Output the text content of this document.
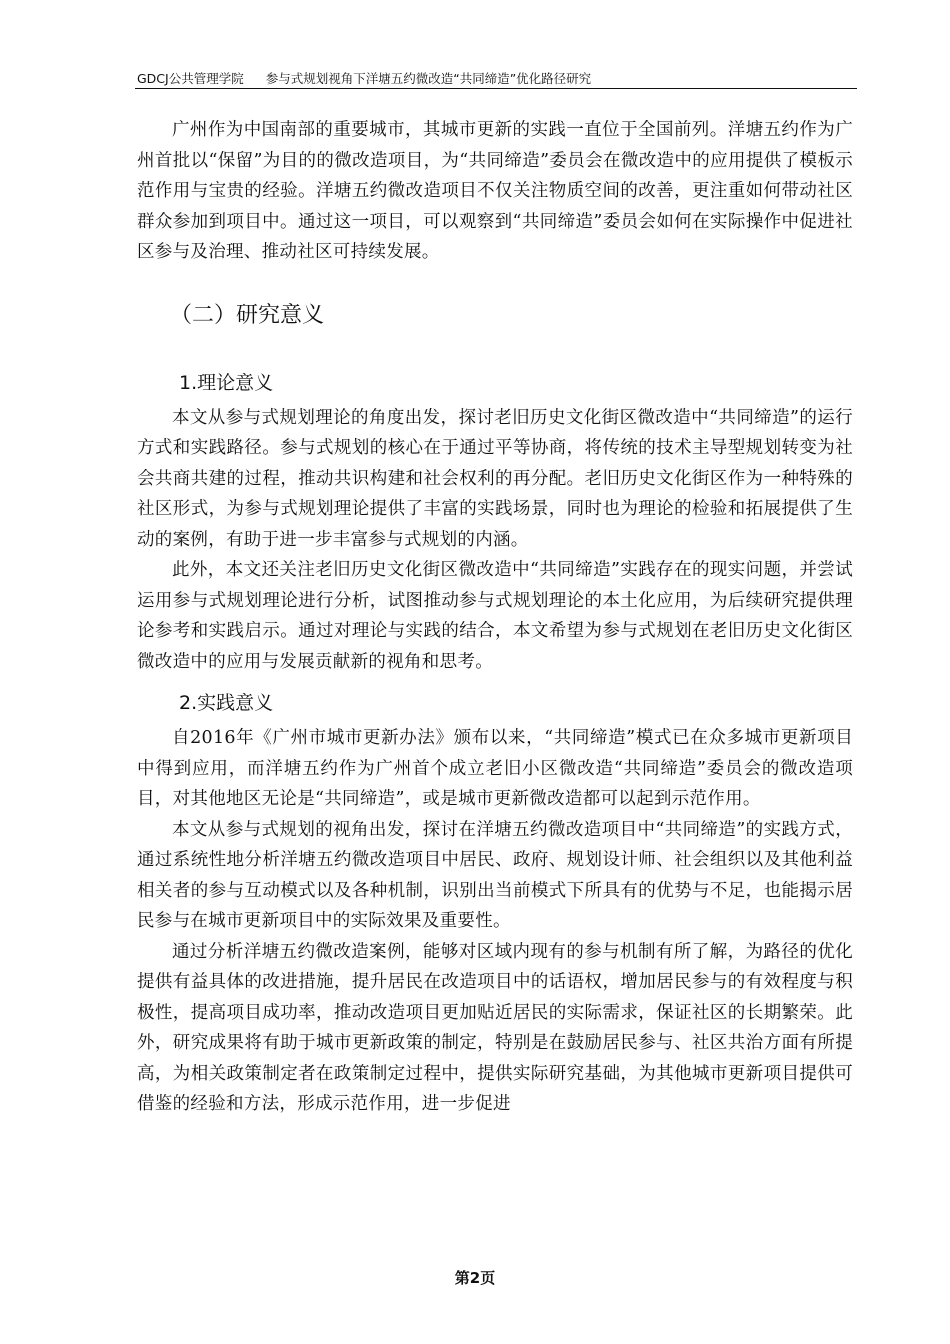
GDCJ公共管理学院 参与式规划视角下洋塘五约微改造“共同缔造”优化路径研究

广州作为中国南部的重要城市，其城市更新的实践一直位于全国前列。洋塘五约作为广州首批以“保留”为目的的微改造项目，为“共同缔造”委员会在微改造中的应用提供了模板示范作用与宝贵的经验。洋塘五约微改造项目不仅关注物质空间的改善，更注重如何带动社区群众参加到项目中。通过这一项目，可以观察到“共同缔造”委员会如何在实际操作中促进社区参与及治理、推动社区可持续发展。

（二）研究意义
1.理论意义

本文从参与式规划理论的角度出发，探讨老旧历史文化街区微改造中“共同缔造”的运行方式和实践路径。参与式规划的核心在于通过平等协商，将传统的技术主导型规划转变为社会共商共建的过程，推动共识构建和社会权利的再分配。老旧历史文化街区作为一种特殊的社区形式，为参与式规划理论提供了丰富的实践场景，同时也为理论的检验和拓展提供了生动的案例，有助于进一步丰富参与式规划的内涵。

此外，本文还关注老旧历史文化街区微改造中“共同缔造”实践存在的现实问题，并尝试运用参与式规划理论进行分析，试图推动参与式规划理论的本土化应用，为后续研究提供理论参考和实践启示。通过对理论与实践的结合，本文希望为参与式规划在老旧历史文化街区微改造中的应用与发展贡献新的视角和思考。

2.实践意义

自2016年《广州市城市更新办法》颁布以来，“共同缔造”模式已在众多城市更新项目中得到应用，而洋塘五约作为广州首个成立老旧小区微改造“共同缔造”委员会的微改造项目，对其他地区无论是“共同缔造”，或是城市更新微改造都可以起到示范作用。

本文从参与式规划的视角出发，探讨在洋塘五约微改造项目中“共同缔造”的实践方式，通过系统性地分析洋塘五约微改造项目中居民、政府、规划设计师、社会组织以及其他利益相关者的参与互动模式以及各种机制，识别出当前模式下所具有的优势与不足，也能揭示居民参与在城市更新项目中的实际效果及重要性。

通过分析洋塘五约微改造案例，能够对区域内现有的参与机制有所了解，为路径的优化提供有益具体的改进措施，提升居民在改造项目中的话语权，增加居民参与的有效程度与积极性，提高项目成功率，推动改造项目更加贴近居民的实际需求，保证社区的长期繁荣。此外，研究成果将有助于城市更新政策的制定，特别是在鼓励居民参与、社区共治方面有所提高，为相关政策制定者在政策制定过程中，提供实际研究基础，为其他城市更新项目提供可借鉴的经验和方法，形成示范作用，进一步促进

第2页
